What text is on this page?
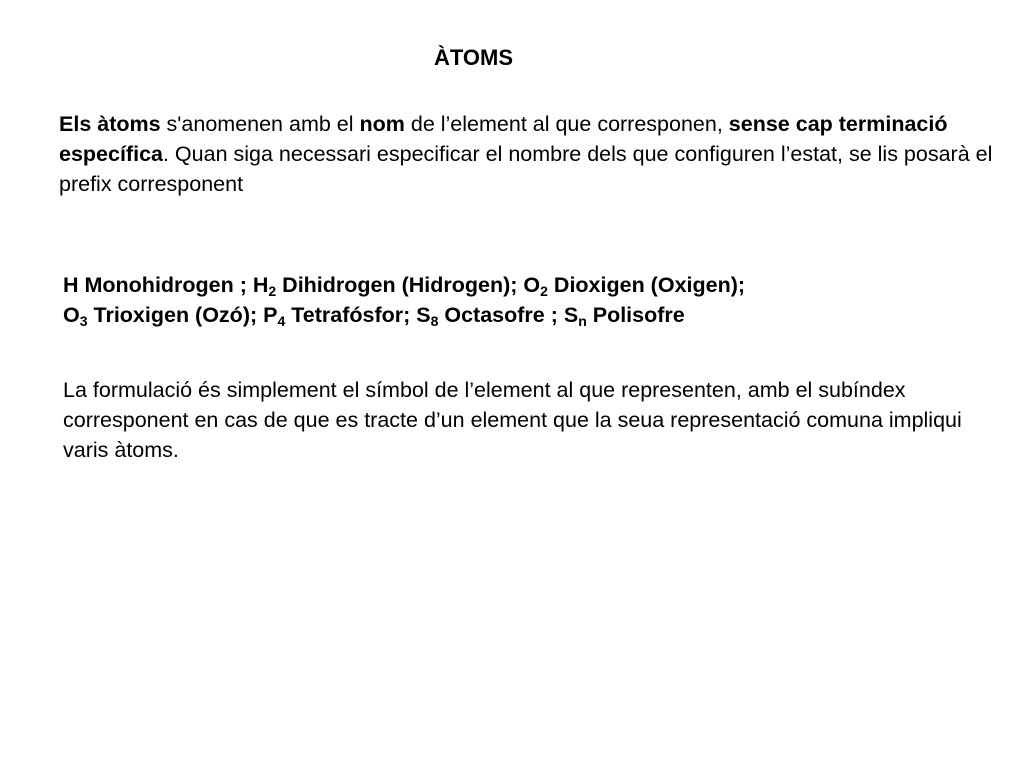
ÀTOMS

Els àtoms s'anomenen amb el nom de l’element al que corresponen, sense cap terminació específica. Quan siga necessari especificar el nombre dels que configuren l’estat, se lis posarà el prefix corresponent

H Monohidrogen ; $H_2$ Dihidrogen (Hidrogen); $O_2$ Dioxigen (Oxigen);
$O_3$ Trioxigen (Ozó); $P_4$ Tetrafósfor; $S_8$ Octasofre ; $S_n$ Polisofre

La formulació és simplement el símbol de l’element al que representen, amb el subíndex corresponent en cas de que es tracte d’un element que la seua representació comuna impliqui varis àtoms.
